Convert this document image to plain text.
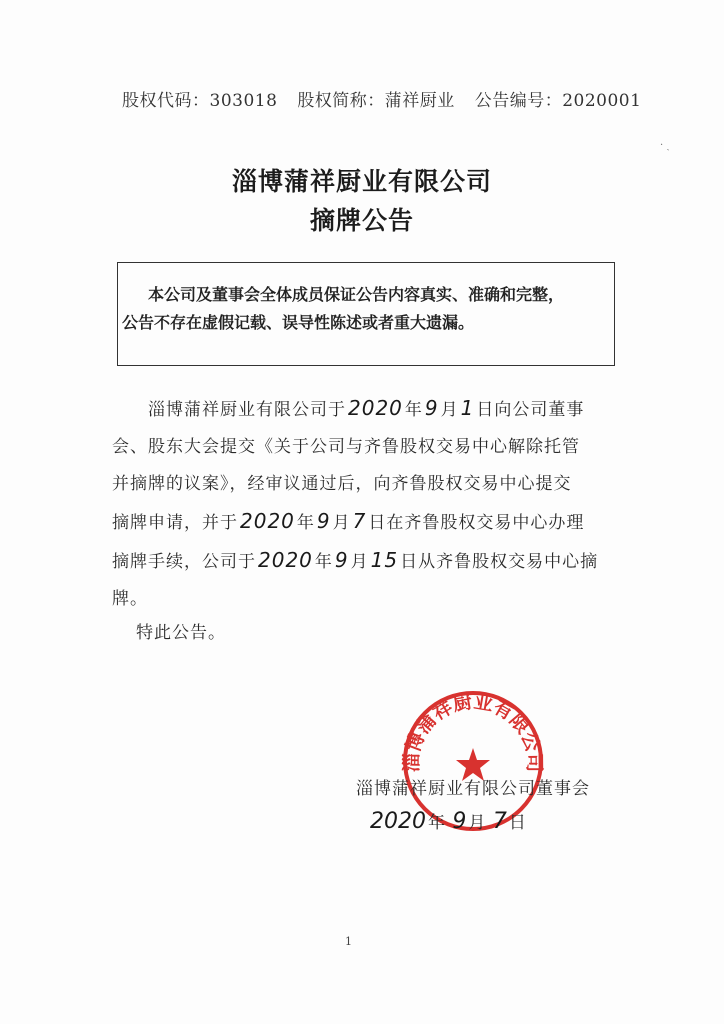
股权代码：303018 股权简称：蒲祥厨业 公告编号：2020001
· ˏ
淄博蒲祥厨业有限公司
摘牌公告
本公司及董事会全体成员保证公告内容真实、准确和完整，
公告不存在虚假记载、误导性陈述或者重大遗漏。
淄博蒲祥厨业有限公司于 2020 年 9 月 1 日向公司董事
会、股东大会提交《关于公司与齐鲁股权交易中心解除托管
并摘牌的议案》，经审议通过后，向齐鲁股权交易中心提交
摘牌申请，并于 2020 年 9 月 7 日在齐鲁股权交易中心办理
摘牌手续，公司于 2020 年 9 月 15 日从齐鲁股权交易中心摘
牌。
特此公告。
淄博蒲祥厨业有限公司
淄博蒲祥厨业有限公司董事会
2020 年 9 月 7 日
1
